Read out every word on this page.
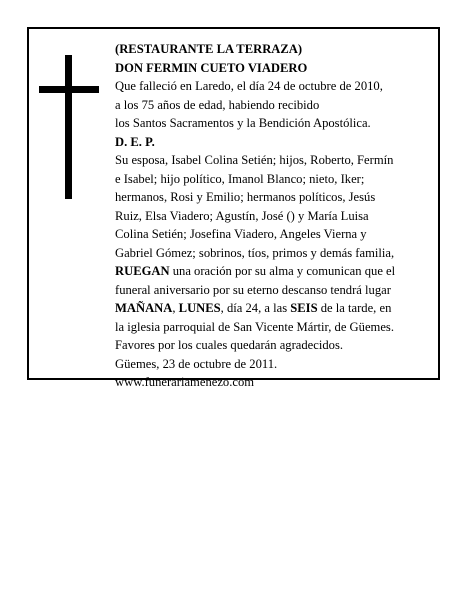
(RESTAURANTE LA TERRAZA)
DON FERMIN CUETO VIADERO
Que falleció en Laredo, el día 24 de octubre de 2010,
a los 75 años de edad, habiendo recibido
los Santos Sacramentos y la Bendición Apostólica.
D. E. P.
Su esposa, Isabel Colina Setién; hijos, Roberto, Fermín
e Isabel; hijo político, Imanol Blanco; nieto, Iker;
hermanos, Rosi y Emilio; hermanos políticos, Jesús
Ruiz, Elsa Viadero; Agustín, José () y María Luisa
Colina Setién; Josefina Viadero, Angeles Vierna y
Gabriel Gómez; sobrinos, tíos, primos y demás familia,
RUEGAN una oración por su alma y comunican que el
funeral aniversario por su eterno descanso tendrá lugar
MAÑANA, LUNES, día 24, a las SEIS de la tarde, en
la iglesia parroquial de San Vicente Mártir, de Güemes.
Favores por los cuales quedarán agradecidos.
Güemes, 23 de octubre de 2011.
www.funerariamenezo.com
